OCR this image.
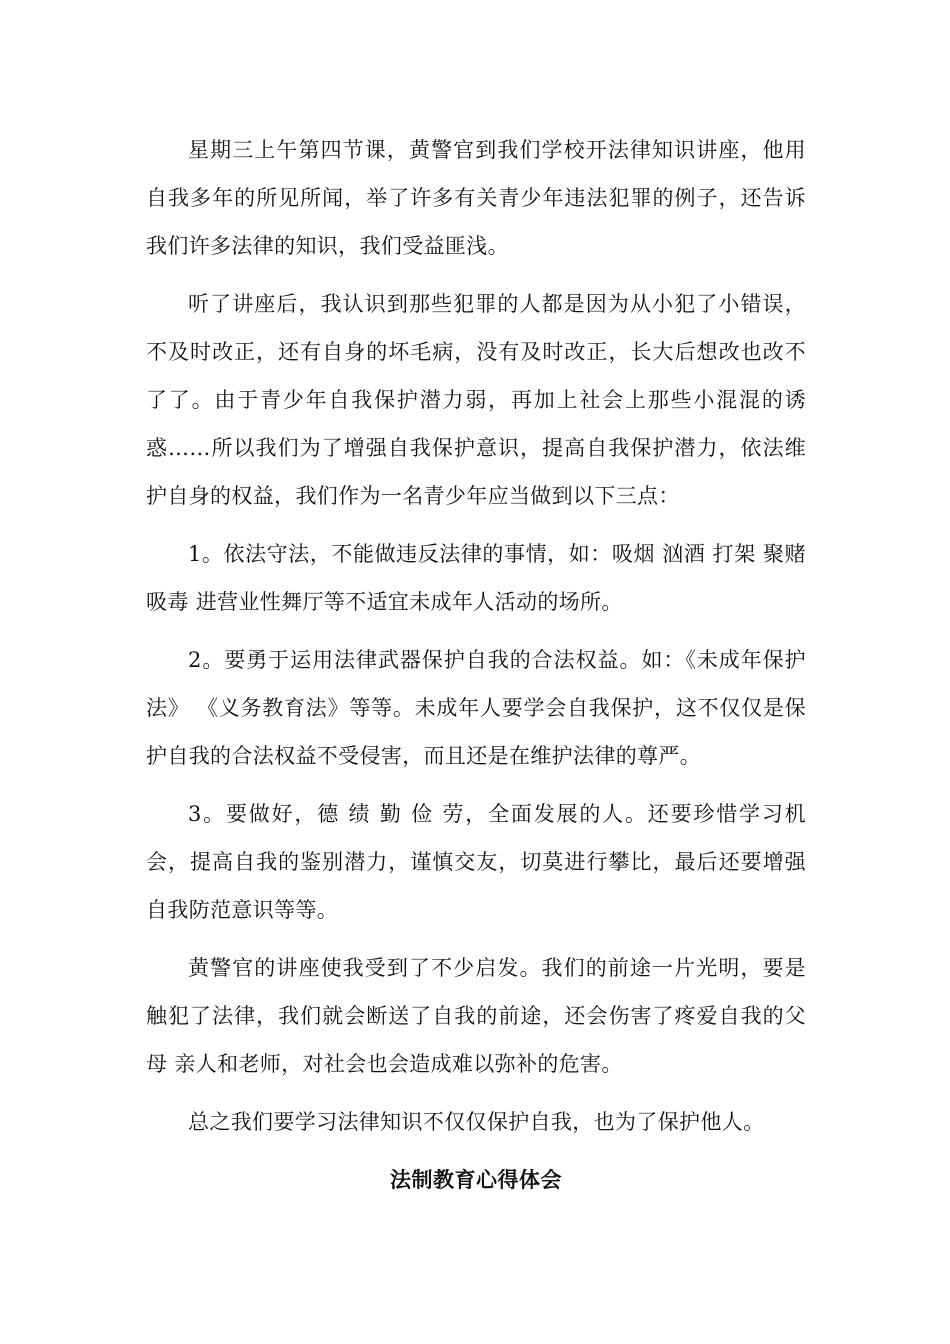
星期三上午第四节课，黄警官到我们学校开法律知识讲座，他用自我多年的所见所闻，举了许多有关青少年违法犯罪的例子，还告诉我们许多法律的知识，我们受益匪浅。

听了讲座后，我认识到那些犯罪的人都是因为从小犯了小错误，不及时改正，还有自身的坏毛病，没有及时改正，长大后想改也改不了了。由于青少年自我保护潜力弱，再加上社会上那些小混混的诱惑……所以我们为了增强自我保护意识，提高自我保护潜力，依法维护自身的权益，我们作为一名青少年应当做到以下三点：

1。依法守法，不能做违反法律的事情，如：吸烟 汹酒 打架 聚赌 吸毒 进营业性舞厅等不适宜未成年人活动的场所。

2。要勇于运用法律武器保护自我的合法权益。如：《未成年保护法》 《义务教育法》等等。未成年人要学会自我保护，这不仅仅是保护自我的合法权益不受侵害，而且还是在维护法律的尊严。

3。要做好，德 绩 勤 俭 劳，全面发展的人。还要珍惜学习机会，提高自我的鉴别潜力，谨慎交友，切莫进行攀比，最后还要增强自我防范意识等等。

黄警官的讲座使我受到了不少启发。我们的前途一片光明，要是触犯了法律，我们就会断送了自我的前途，还会伤害了疼爱自我的父母 亲人和老师，对社会也会造成难以弥补的危害。

总之我们要学习法律知识不仅仅保护自我，也为了保护他人。

法制教育心得体会
